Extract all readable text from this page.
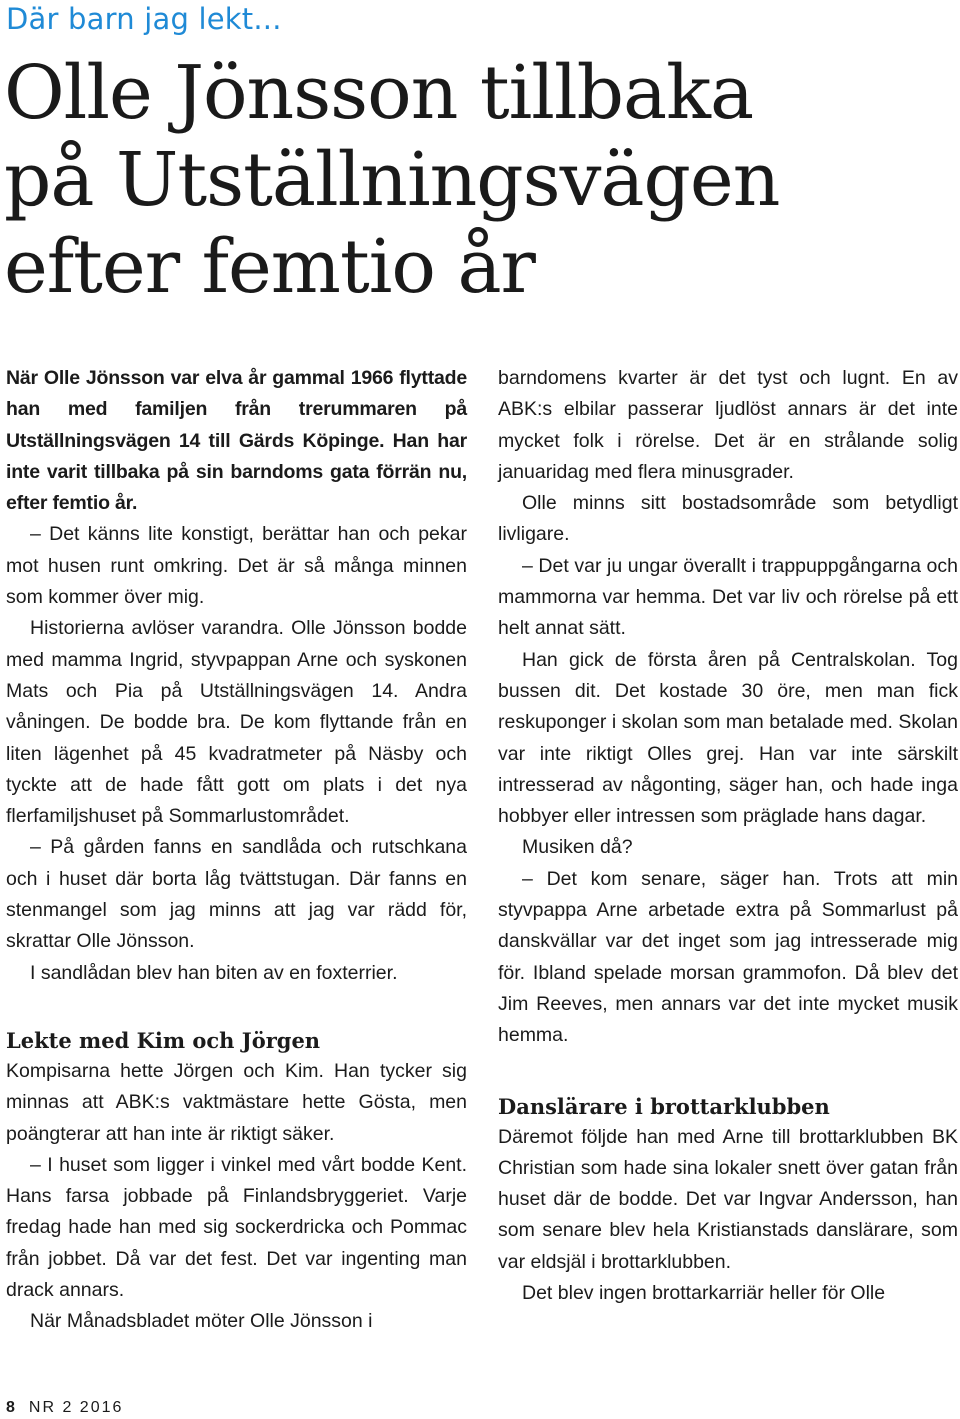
Där barn jag lekt...
Olle Jönsson tillbaka
på Utställningsvägen
efter femtio år

När Olle Jönsson var elva år gammal 1966 flyttade han med familjen från trerummaren på Utställningsvägen 14 till Gärds Köpinge. Han har inte varit tillbaka på sin barndoms gata förrän nu, efter femtio år.

– Det känns lite konstigt, berättar han och pekar mot husen runt omkring. Det är så många minnen som kommer över mig.

Historierna avlöser varandra. Olle Jönsson bodde med mamma Ingrid, styvpappan Arne och syskonen Mats och Pia på Utställningsvägen 14. Andra våningen. De bodde bra. De kom flyttande från en liten lägenhet på 45 kvadratmeter på Näsby och tyckte att de hade fått gott om plats i det nya flerfamiljshuset på Sommarlustområdet.

– På gården fanns en sandlåda och rutschkana och i huset där borta låg tvättstugan. Där fanns en stenmangel som jag minns att jag var rädd för, skrattar Olle Jönsson.

I sandlådan blev han biten av en foxterrier.

Lekte med Kim och Jörgen

Kompisarna hette Jörgen och Kim. Han tycker sig minnas att ABK:s vaktmästare hette Gösta, men poängterar att han inte är riktigt säker.

– I huset som ligger i vinkel med vårt bodde Kent. Hans farsa jobbade på Finlandsbryggeriet. Varje fredag hade han med sig sockerdricka och Pommac från jobbet. Då var det fest. Det var ingenting man drack annars.

När Månadsbladet möter Olle Jönsson i

barndomens kvarter är det tyst och lugnt. En av ABK:s elbilar passerar ljudlöst annars är det inte mycket folk i rörelse. Det är en strålande solig januaridag med flera minusgrader.

Olle minns sitt bostadsområde som betydligt livligare.

– Det var ju ungar överallt i trappuppgångarna och mammorna var hemma. Det var liv och rörelse på ett helt annat sätt.

Han gick de första åren på Centralskolan. Tog bussen dit. Det kostade 30 öre, men man fick reskuponger i skolan som man betalade med. Skolan var inte riktigt Olles grej. Han var inte särskilt intresserad av någonting, säger han, och hade inga hobbyer eller intressen som präglade hans dagar.

Musiken då?

– Det kom senare, säger han. Trots att min styvpappa Arne arbetade extra på Sommarlust på danskvällar var det inget som jag intresserade mig för. Ibland spelade morsan grammofon. Då blev det Jim Reeves, men annars var det inte mycket musik hemma.

Danslärare i brottarklubben

Däremot följde han med Arne till brottarklubben BK Christian som hade sina lokaler snett över gatan från huset där de bodde. Det var Ingvar Andersson, han som senare blev hela Kristianstads danslärare, som var eldsjäl i brottarklubben.

Det blev ingen brottarkarriär heller för Olle

8 NR 2 2016
